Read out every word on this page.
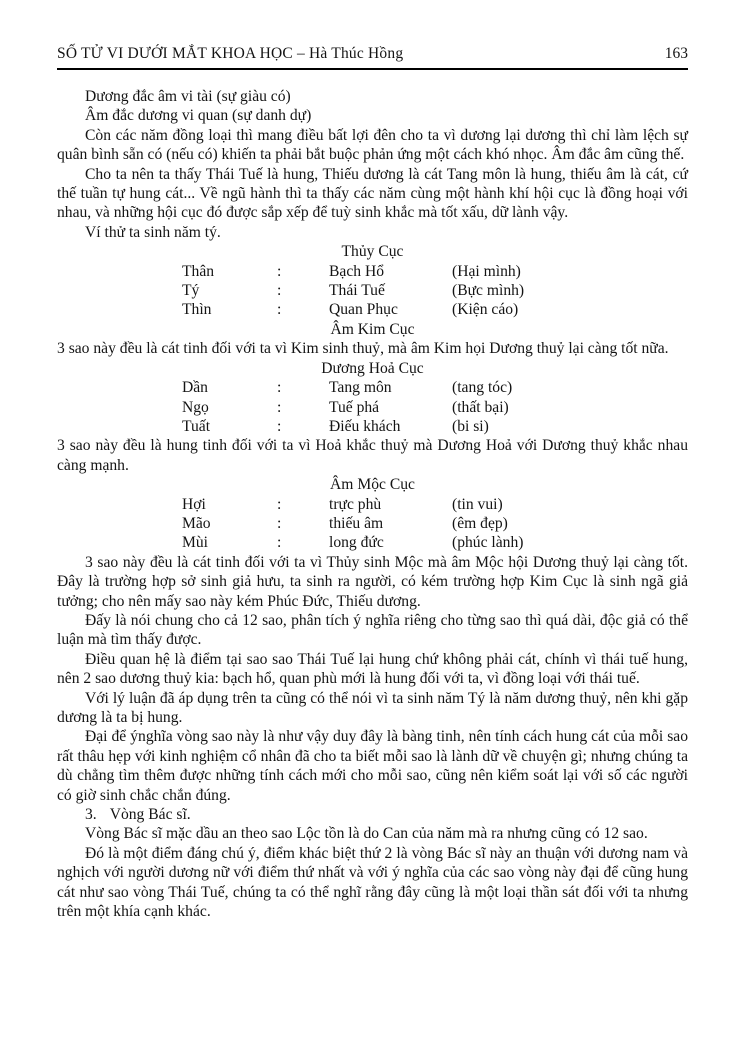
SỐ TỬ VI DƯỚI MẮT KHOA HỌC – Hà Thúc Hồng	163

Dương đắc âm vi tài (sự giàu có)

Âm đắc dương vi quan (sự danh dự)

Còn các năm đồng loại thì mang điều bất lợi đên cho ta vì dương lại dương thì chỉ làm lệch sự quân bình sẵn có (nếu có) khiến ta phải bắt buộc phản ứng một cách khó nhọc. Âm đắc âm cũng thế.

Cho ta nên ta thấy Thái Tuế là hung, Thiếu dương là cát Tang môn là hung, thiếu âm là cát, cứ thế tuần tự hung cát... Về ngũ hành thì ta thấy các năm cùng một hành khí hội cục là đồng hoại với nhau, và những hội cục đó được sắp xếp để tuỳ sinh khắc mà tốt xấu, dữ lành vậy.

Ví thử ta sinh năm tý.

Thủy Cục

Thân	:	Bạch Hổ	(Hại mình)
Tý	:	Thái Tuế	(Bực mình)
Thìn	:	Quan Phục	(Kiện cáo)

Âm Kim Cục

3 sao này đều là cát tinh đối với ta vì Kim sinh thuỷ, mà âm Kim họi Dương thuỷ lại càng tốt nữa.

Dương Hoả Cục

Dần	:	Tang môn	(tang tóc)
Ngọ	:	Tuế phá	(thất bại)
Tuất	:	Điếu khách	(bi si)

3 sao này đều là hung tinh đối với ta vì Hoả khắc thuỷ mà Dương Hoả với Dương thuỷ khắc nhau càng mạnh.

Âm Mộc Cục

Hợi	:	trực phù	(tin vui)
Mão	:	thiếu âm	(êm đẹp)
Mùi	:	long đức	(phúc lành)

3 sao này đều là cát tinh đối với ta vì Thủy sinh Mộc mà âm Mộc hội Dương thuỷ lại càng tốt. Đây là trường hợp sở sinh giả hưu, ta sinh ra người, có kém trường hợp Kim Cục là sinh ngã giả tưởng; cho nên mấy sao này kém Phúc Đức, Thiếu dương.

Đấy là nói chung cho cả 12 sao, phân tích ý nghĩa riêng cho từng sao thì quá dài, độc giả có thể luận mà tìm thấy được.

Điều quan hệ là điểm tại sao sao Thái Tuế lại hung chứ không phải cát, chính vì thái tuế hung, nên 2 sao dương thuỷ kia: bạch hổ, quan phù mới là hung đối với ta, vì đồng loại với thái tuế.

Với lý luận đã áp dụng trên ta cũng có thể nói vì ta sinh năm Tý là năm dương thuỷ, nên khi gặp dương là ta bị hung.

Đại để ýnghĩa vòng sao này là như vậy duy đây là bàng tinh, nên tính cách hung cát của mỗi sao rất thâu hẹp với kinh nghiệm cổ nhân đã cho ta biết mỗi sao là lành dữ về chuyện gì; nhưng chúng ta dù chẳng tìm thêm được những tính cách mới cho mỗi sao, cũng nên kiểm soát lại với số các người có giờ sinh chắc chắn đúng.

3. Vòng Bác sĩ.

Vòng Bác sĩ mặc dầu an theo sao Lộc tồn là do Can của năm mà ra nhưng cũng có 12 sao.

Đó là một điểm đáng chú ý, điểm khác biệt thứ 2 là vòng Bác sĩ này an thuận với dương nam và nghịch với người dương nữ với điểm thứ nhất và với ý nghĩa của các sao vòng này đại để cũng hung cát như sao vòng Thái Tuế, chúng ta có thể nghĩ rằng đây cũng là một loại thần sát đối với ta nhưng trên một khía cạnh khác.
